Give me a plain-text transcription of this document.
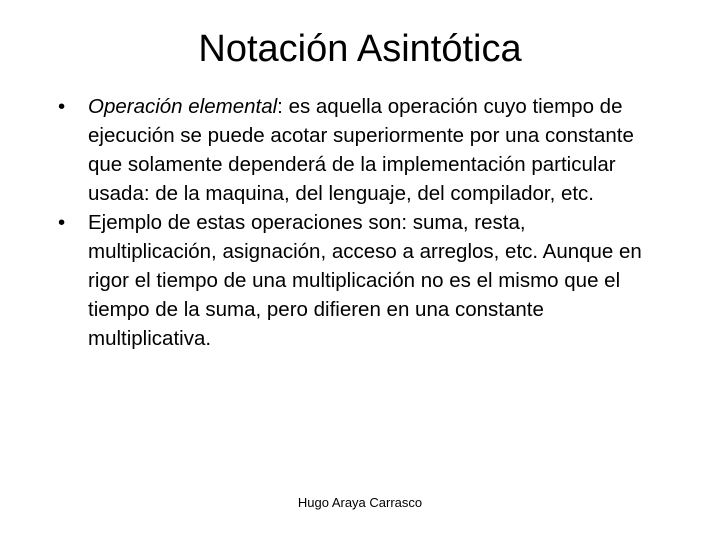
Notación Asintótica
•	Operación elemental: es aquella operación cuyo tiempo de ejecución se puede acotar superiormente por una constante que solamente dependerá de la implementación particular usada: de la maquina, del lenguaje, del compilador, etc.
•	Ejemplo de estas operaciones son: suma, resta, multiplicación, asignación, acceso a arreglos, etc. Aunque en rigor el tiempo de una multiplicación no es el mismo que el tiempo de la suma, pero difieren en una constante multiplicativa.
Hugo Araya Carrasco
